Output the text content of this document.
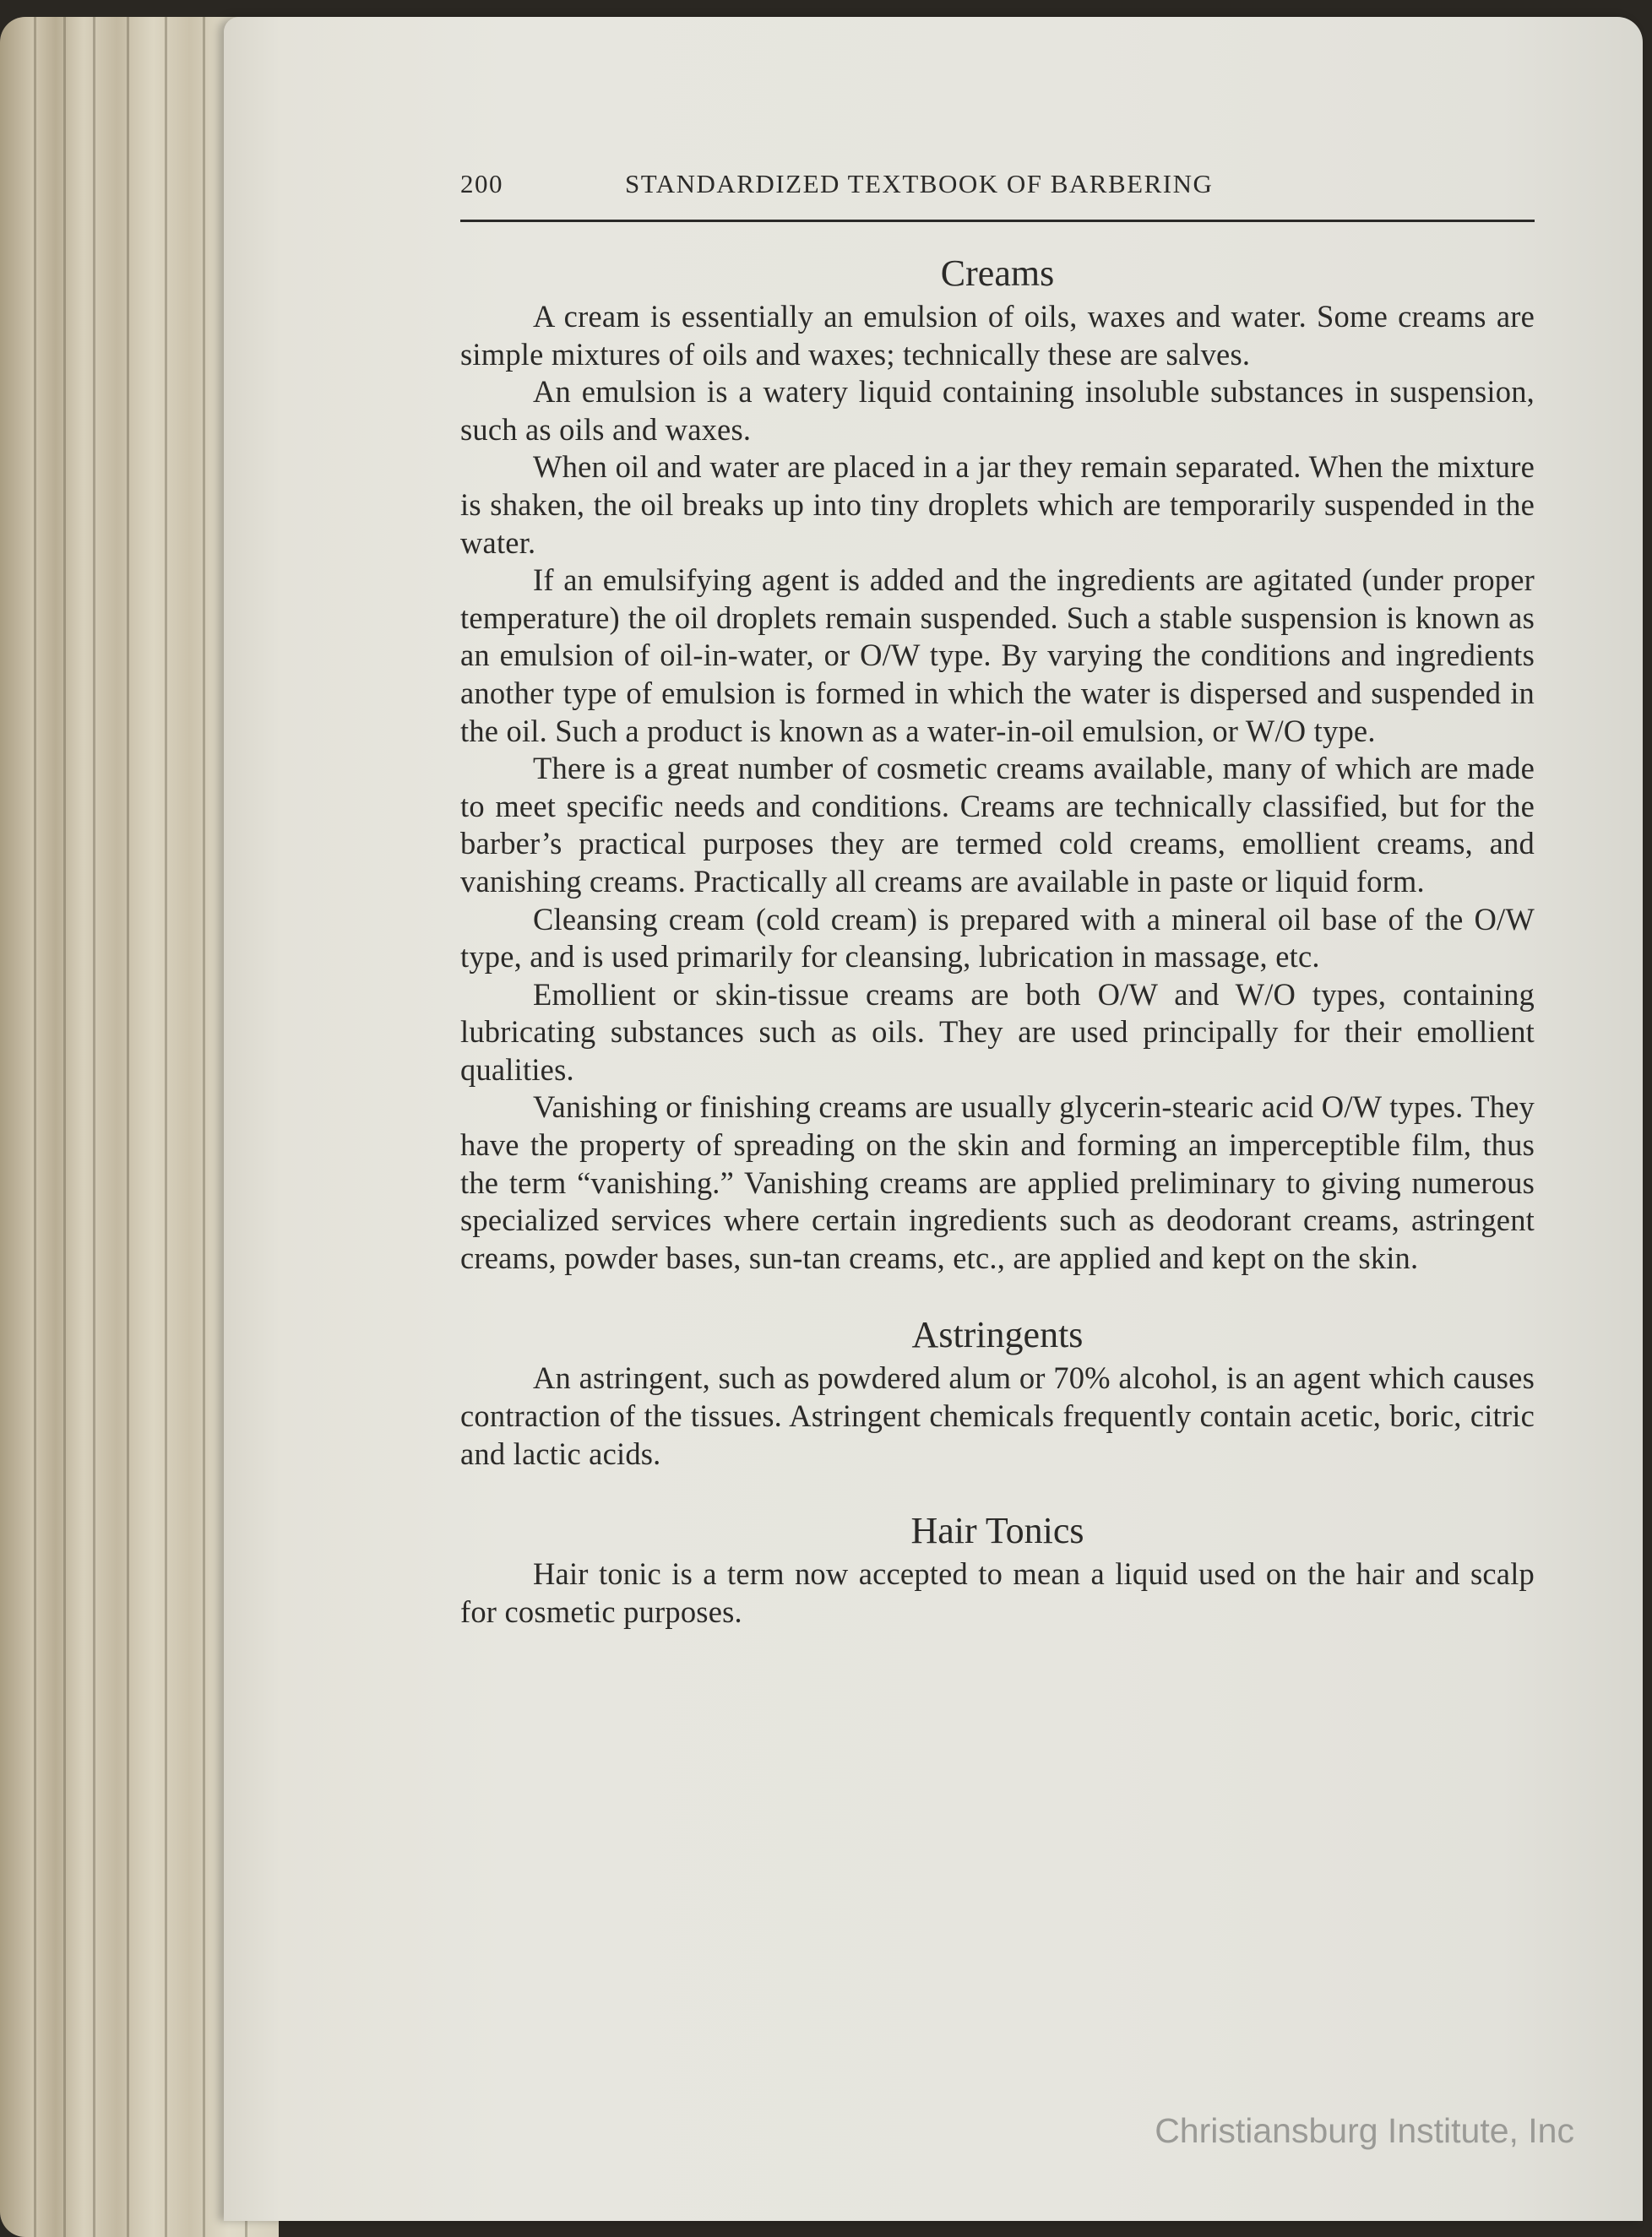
200	STANDARDIZED TEXTBOOK OF BARBERING
Creams

A cream is essentially an emulsion of oils, waxes and water. Some creams are simple mixtures of oils and waxes; technically these are salves.

An emulsion is a watery liquid containing insoluble substances in suspension, such as oils and waxes.

When oil and water are placed in a jar they remain separated. When the mixture is shaken, the oil breaks up into tiny droplets which are temporarily suspended in the water.

If an emulsifying agent is added and the ingredients are agitated (under proper temperature) the oil droplets remain suspended. Such a stable suspension is known as an emulsion of oil-in-water, or O/W type. By varying the conditions and ingredients another type of emulsion is formed in which the water is dispersed and suspended in the oil. Such a product is known as a water-in-oil emulsion, or W/O type.

There is a great number of cosmetic creams available, many of which are made to meet specific needs and conditions. Creams are technically classified, but for the barber’s practical purposes they are termed cold creams, emollient creams, and vanishing creams. Practically all creams are available in paste or liquid form.

Cleansing cream (cold cream) is prepared with a mineral oil base of the O/W type, and is used primarily for cleansing, lubrication in massage, etc.

Emollient or skin-tissue creams are both O/W and W/O types, containing lubricating substances such as oils. They are used principally for their emollient qualities.

Vanishing or finishing creams are usually glycerin-stearic acid O/W types. They have the property of spreading on the skin and forming an imperceptible film, thus the term “vanishing.” Vanishing creams are applied preliminary to giving numerous specialized services where certain ingredients such as deodorant creams, astringent creams, powder bases, sun-tan creams, etc., are applied and kept on the skin.

Astringents

An astringent, such as powdered alum or 70% alcohol, is an agent which causes contraction of the tissues. Astringent chemicals frequently contain acetic, boric, citric and lactic acids.

Hair Tonics

Hair tonic is a term now accepted to mean a liquid used on the hair and scalp for cosmetic purposes.

Christiansburg Institute, Inc
